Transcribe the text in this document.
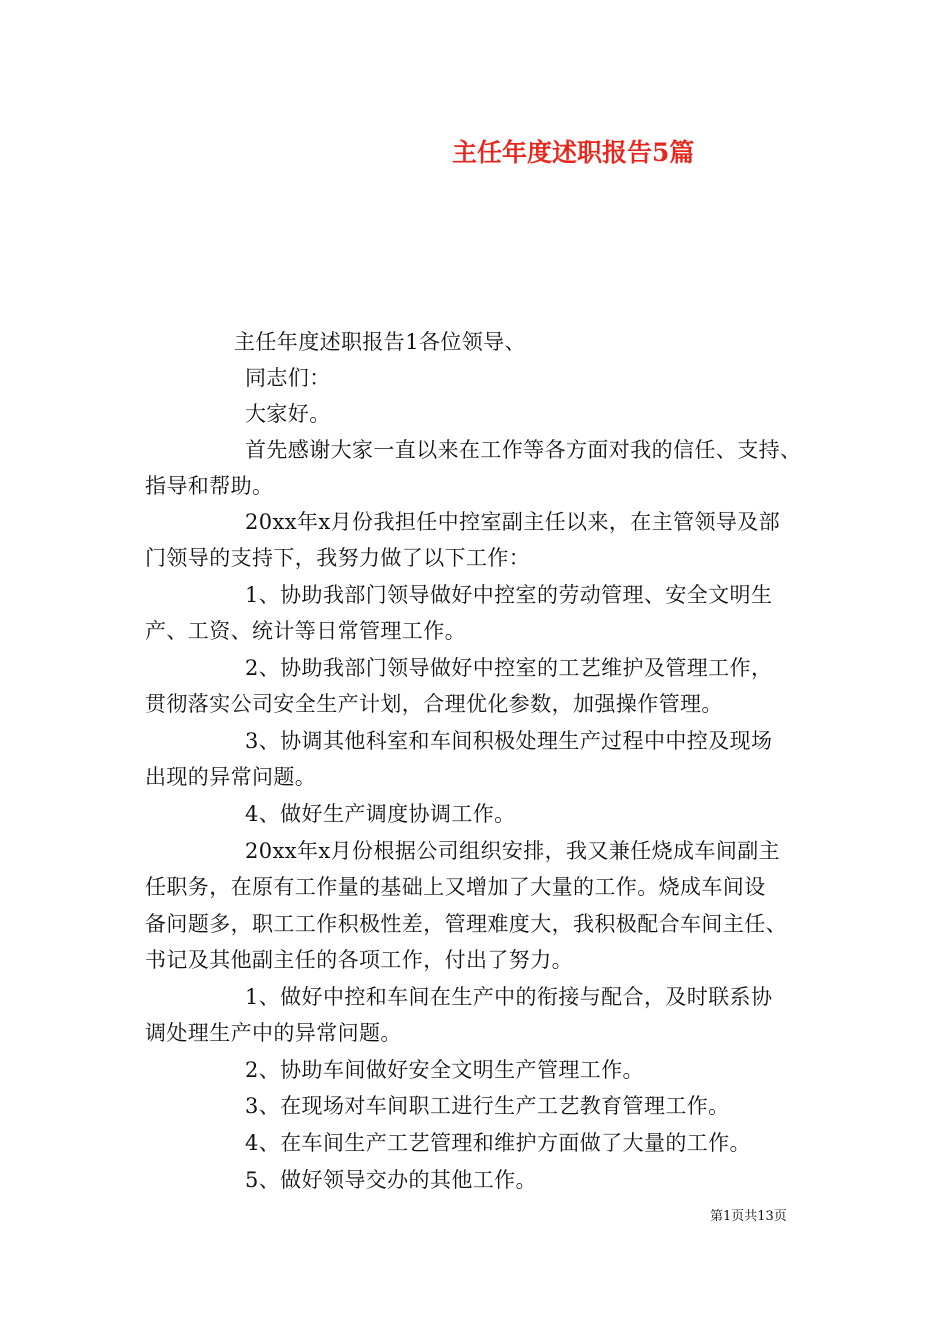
主任年度述职报告5篇
主任年度述职报告1各位领导、
同志们：
大家好。
首先感谢大家一直以来在工作等各方面对我的信任、支持、
指导和帮助。
20xx年x月份我担任中控室副主任以来，在主管领导及部
门领导的支持下，我努力做了以下工作：
1、协助我部门领导做好中控室的劳动管理、安全文明生
产、工资、统计等日常管理工作。
2、协助我部门领导做好中控室的工艺维护及管理工作，
贯彻落实公司安全生产计划，合理优化参数，加强操作管理。
3、协调其他科室和车间积极处理生产过程中中控及现场
出现的异常问题。
4、做好生产调度协调工作。
20xx年x月份根据公司组织安排，我又兼任烧成车间副主
任职务，在原有工作量的基础上又增加了大量的工作。烧成车间设
备问题多，职工工作积极性差，管理难度大，我积极配合车间主任、
书记及其他副主任的各项工作，付出了努力。
1、做好中控和车间在生产中的衔接与配合，及时联系协
调处理生产中的异常问题。
2、协助车间做好安全文明生产管理工作。
3、在现场对车间职工进行生产工艺教育管理工作。
4、在车间生产工艺管理和维护方面做了大量的工作。
5、做好领导交办的其他工作。
第1页共13页
